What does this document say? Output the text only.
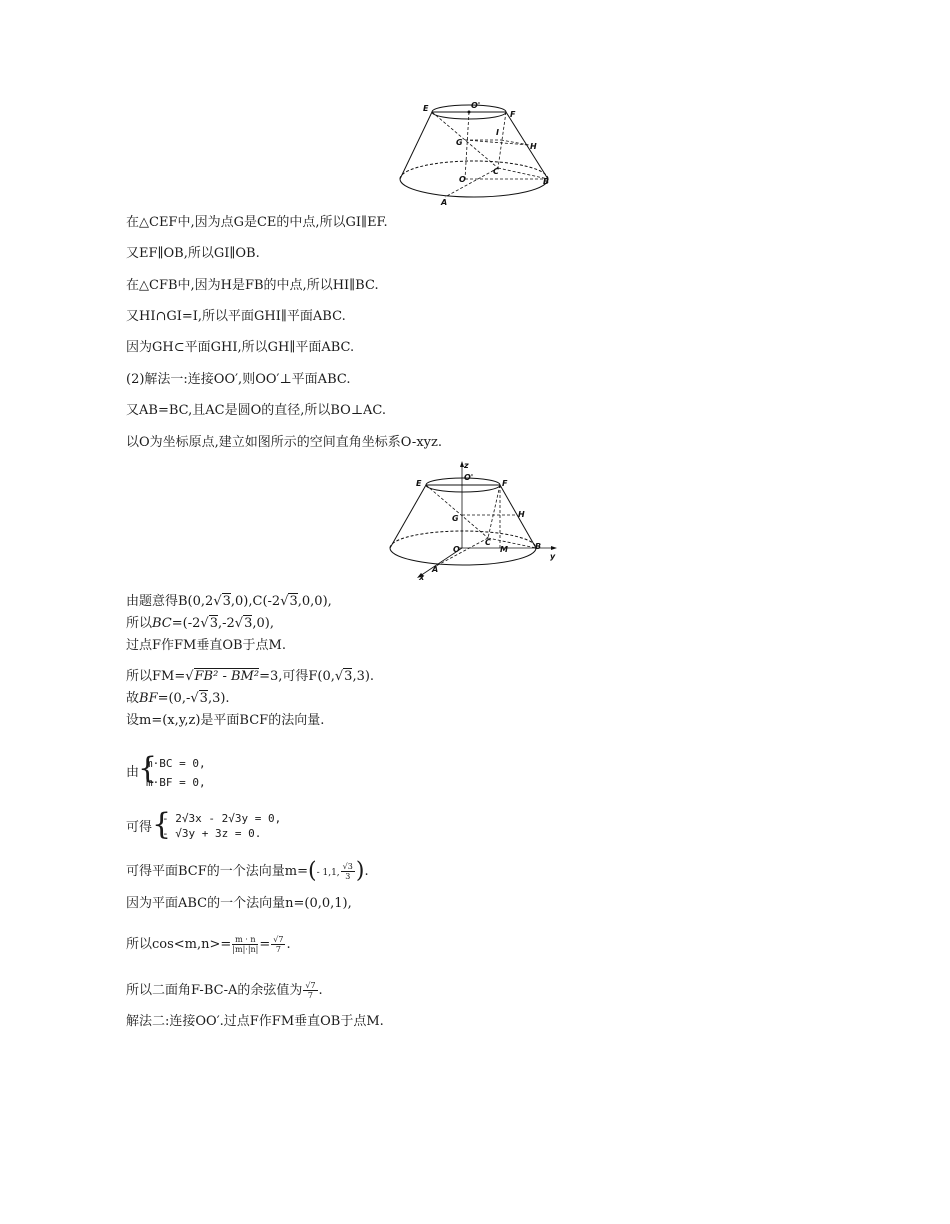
E	O'
F
I
G	H
C
O	B
A
在△CEF中,因为点G是CE的中点,所以GI∥EF.
又EF∥OB,所以GI∥OB.
在△CFB中,因为H是FB的中点,所以HI∥BC.
又HI∩GI=I,所以平面GHI∥平面ABC.
因为GH⊂平面GHI,所以GH∥平面ABC.
(2)解法一:连接OO′,则OO′⊥平面ABC.
又AB=BC,且AC是圆O的直径,所以BO⊥AC.
以O为坐标原点,建立如图所示的空间直角坐标系O-xyz.
z
E
O'
F
G	H
C
O	M	B
y
A
x
由题意得B(0,2√3,0),C(-2√3,0,0),
所以BC=(-2√3,-2√3,0),
过点F作FM垂直OB于点M.
所以FM=√FB² - BM²=3,可得F(0,√3,3).
故BF=(0,-√3,3).
设m=(x,y,z)是平面BCF的法向量.
由
{
m·BC = 0,
m·BF = 0,
可得 {
- 2√3x - 2√3y = 0,
- √3y + 3z = 0.
可得平面BCF的一个法向量m=(- 1,1, $\frac{√3}{3}$ ).
因为平面ABC的一个法向量n=(0,0,1),
所以$\cos<m,n>= \frac{m \cdot n}{|m|\cdot|n|} = \frac{√7}{7}$ .
所以二面角F-BC-A的余弦值为 $\frac{√7}{7}$ .
解法二:连接OO′.过点F作FM垂直OB于点M.
